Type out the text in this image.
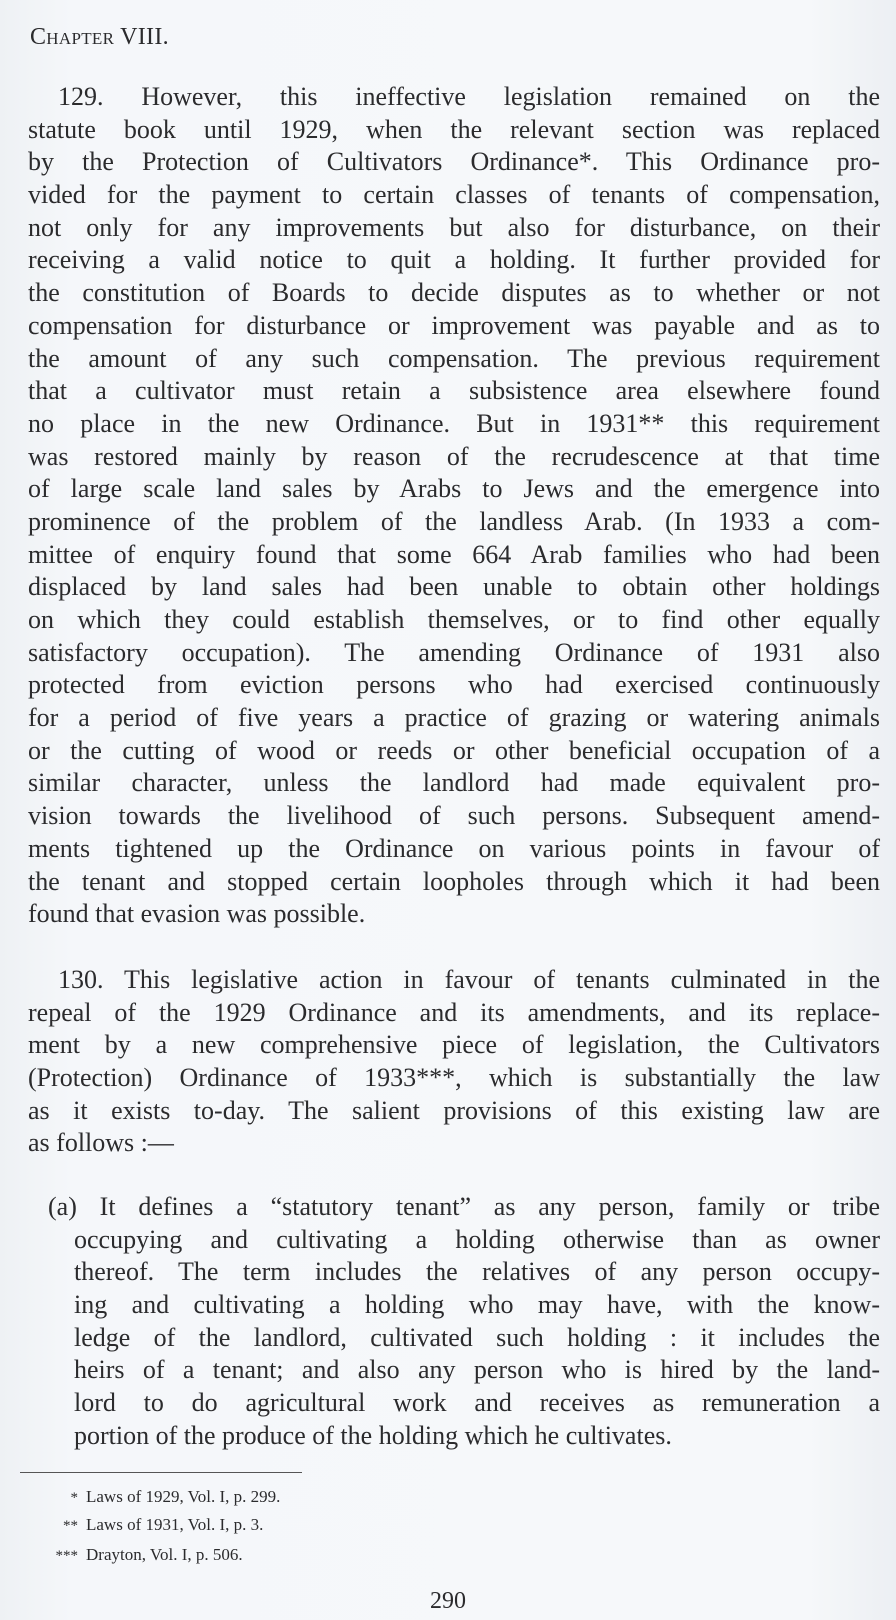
Chapter VIII.
129. However, this ineffective legislation remained on the
statute book until 1929, when the relevant section was replaced
by the Protection of Cultivators Ordinance*. This Ordinance pro-
vided for the payment to certain classes of tenants of compensation,
not only for any improvements but also for disturbance, on their
receiving a valid notice to quit a holding. It further provided for
the constitution of Boards to decide disputes as to whether or not
compensation for disturbance or improvement was payable and as to
the amount of any such compensation. The previous requirement
that a cultivator must retain a subsistence area elsewhere found
no place in the new Ordinance. But in 1931** this requirement
was restored mainly by reason of the recrudescence at that time
of large scale land sales by Arabs to Jews and the emergence into
prominence of the problem of the landless Arab. (In 1933 a com-
mittee of enquiry found that some 664 Arab families who had been
displaced by land sales had been unable to obtain other holdings
on which they could establish themselves, or to find other equally
satisfactory occupation). The amending Ordinance of 1931 also
protected from eviction persons who had exercised continuously
for a period of five years a practice of grazing or watering animals
or the cutting of wood or reeds or other beneficial occupation of a
similar character, unless the landlord had made equivalent pro-
vision towards the livelihood of such persons. Subsequent amend-
ments tightened up the Ordinance on various points in favour of
the tenant and stopped certain loopholes through which it had been
found that evasion was possible.
130. This legislative action in favour of tenants culminated in the
repeal of the 1929 Ordinance and its amendments, and its replace-
ment by a new comprehensive piece of legislation, the Cultivators
(Protection) Ordinance of 1933***, which is substantially the law
as it exists to-day. The salient provisions of this existing law are
as follows :—
(a) It defines a “statutory tenant” as any person, family or tribe
occupying and cultivating a holding otherwise than as owner
thereof. The term includes the relatives of any person occupy-
ing and cultivating a holding who may have, with the know-
ledge of the landlord, cultivated such holding : it includes the
heirs of a tenant; and also any person who is hired by the land-
lord to do agricultural work and receives as remuneration a
portion of the produce of the holding which he cultivates.
* Laws of 1929, Vol. I, p. 299.
** Laws of 1931, Vol. I, p. 3.
*** Drayton, Vol. I, p. 506.
290
